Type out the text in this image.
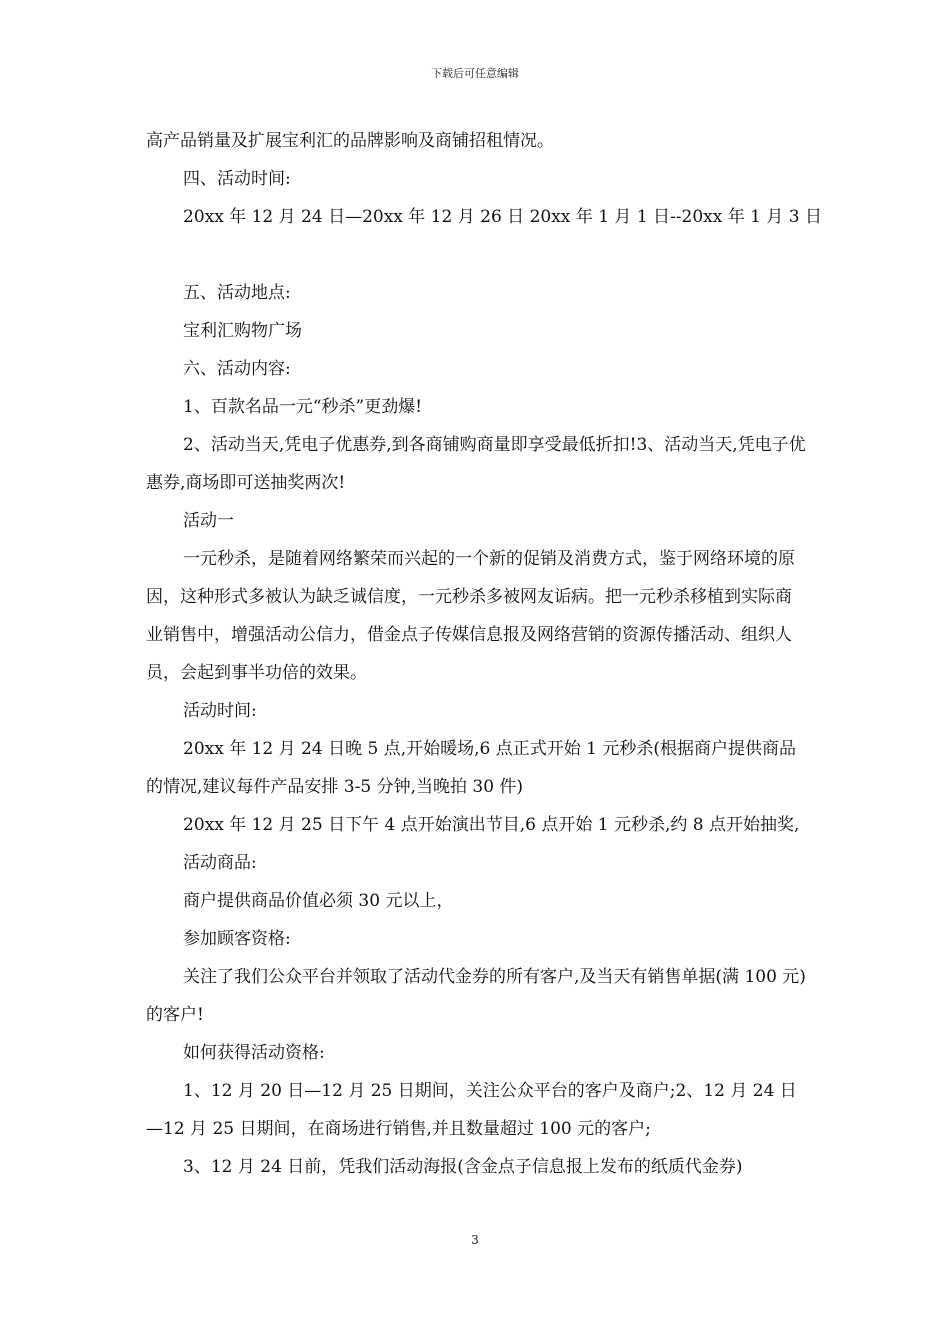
下载后可任意编辑

高产品销量及扩展宝利汇的品牌影响及商铺招租情况。

四、活动时间:

20xx 年 12 月 24 日—20xx 年 12 月 26 日 20xx 年 1 月 1 日--20xx 年 1 月 3 日

五、活动地点:

宝利汇购物广场

六、活动内容:

1、百款名品一元“秒杀”更劲爆!

2、活动当天,凭电子优惠券,到各商铺购商量即享受最低折扣!3、活动当天,凭电子优惠券,商场即可送抽奖两次!

活动一

一元秒杀，是随着网络繁荣而兴起的一个新的促销及消费方式，鉴于网络环境的原因，这种形式多被认为缺乏诚信度，一元秒杀多被网友诟病。把一元秒杀移植到实际商业销售中，增强活动公信力，借金点子传媒信息报及网络营销的资源传播活动、组织人员，会起到事半功倍的效果。

活动时间:

20xx 年 12 月 24 日晚 5 点,开始暖场,6 点正式开始 1 元秒杀(根据商户提供商品的情况,建议每件产品安排 3-5 分钟,当晚拍 30 件)

20xx 年 12 月 25 日下午 4 点开始演出节目,6 点开始 1 元秒杀,约 8 点开始抽奖,

活动商品:

商户提供商品价值必须 30 元以上，

参加顾客资格:

关注了我们公众平台并领取了活动代金券的所有客户,及当天有销售单据(满 100 元)的客户!

如何获得活动资格:

1、12 月 20 日—12 月 25 日期间，关注公众平台的客户及商户;2、12 月 24 日—12 月 25 日期间，在商场进行销售,并且数量超过 100 元的客户;

3、12 月 24 日前，凭我们活动海报(含金点子信息报上发布的纸质代金券)

3
